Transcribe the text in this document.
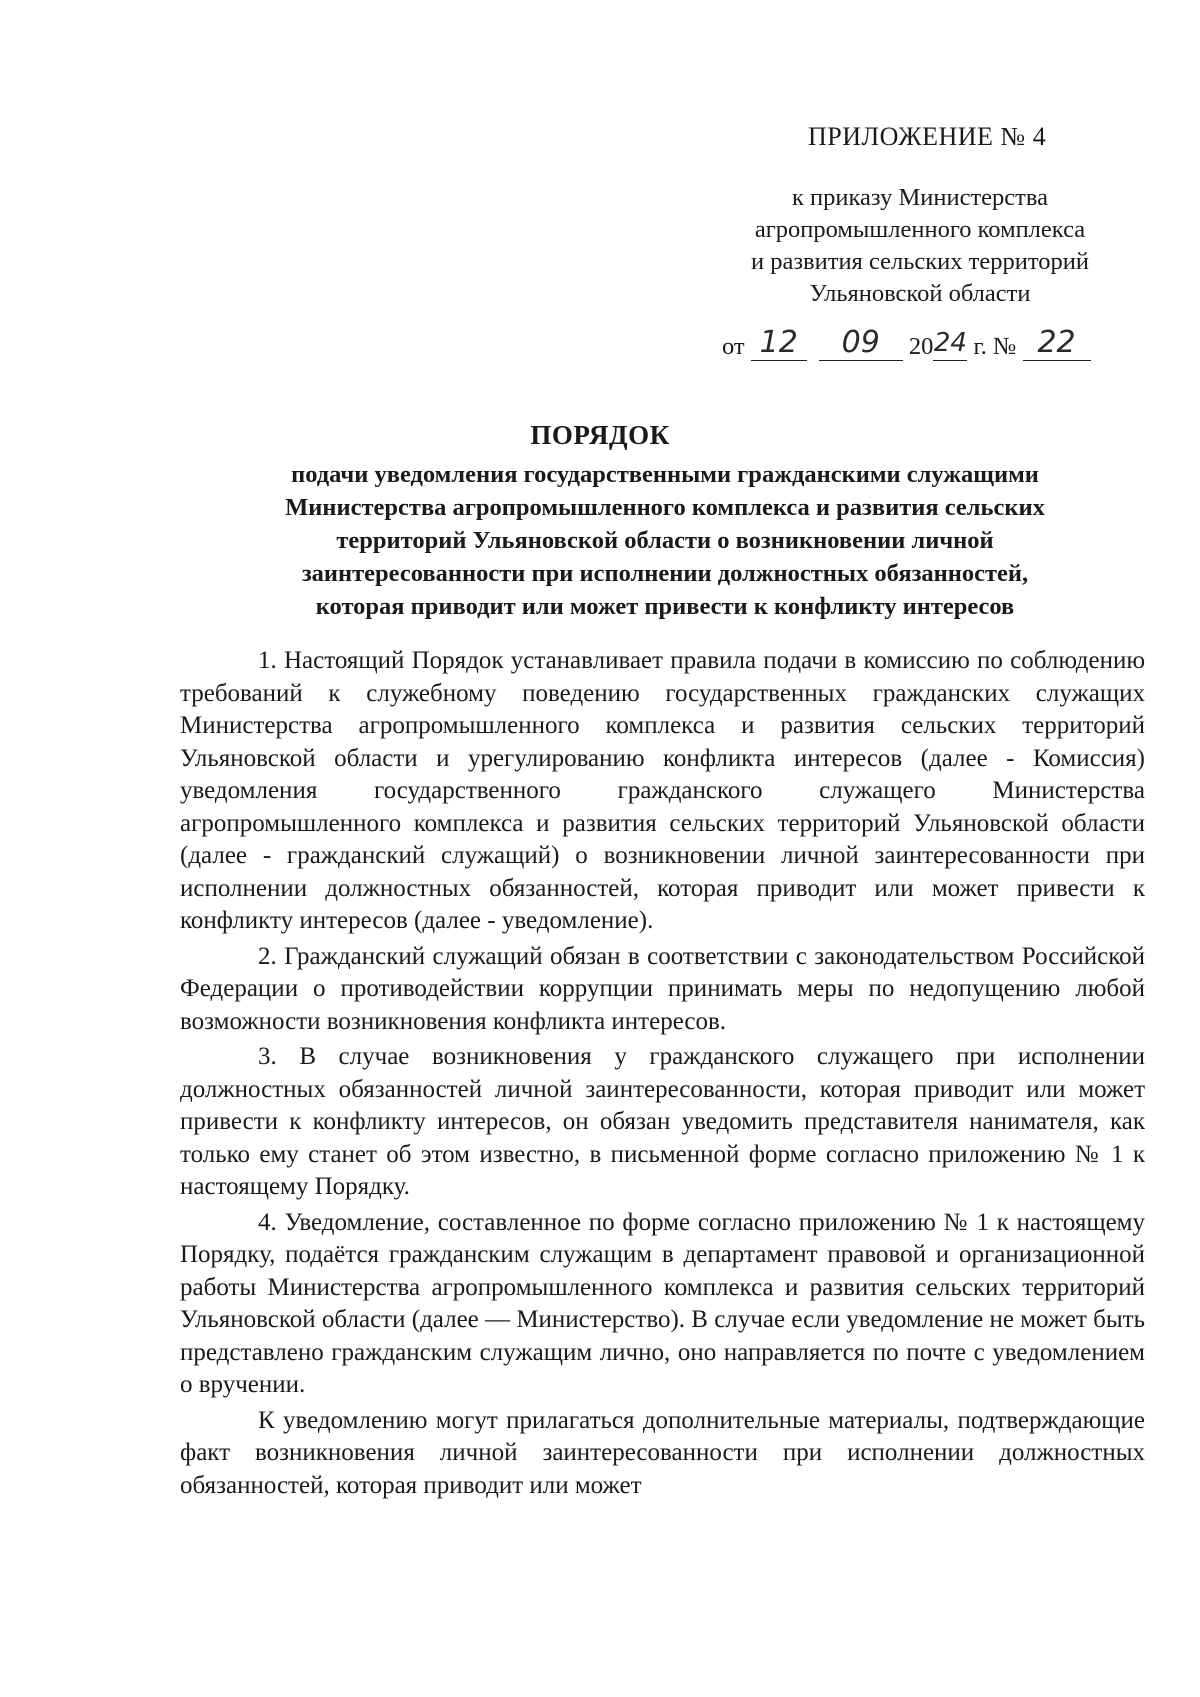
ПРИЛОЖЕНИЕ № 4
к приказу Министерства
агропромышленного комплекса
и развития сельских территорий
Ульяновской области
от 12 09 2024 г. № 22
ПОРЯДОК
подачи уведомления государственными гражданскими служащими
Министерства агропромышленного комплекса и развития сельских
территорий Ульяновской области о возникновении личной
заинтересованности при исполнении должностных обязанностей,
которая приводит или может привести к конфликту интересов

1. Настоящий Порядок устанавливает правила подачи в комиссию по соблюдению требований к служебному поведению государственных гражданских служащих Министерства агропромышленного комплекса и развития сельских территорий Ульяновской области и урегулированию конфликта интересов (далее - Комиссия) уведомления государственного гражданского служащего Министерства агропромышленного комплекса и развития сельских территорий Ульяновской области (далее - гражданский служащий) о возникновении личной заинтересованности при исполнении должностных обязанностей, которая приводит или может привести к конфликту интересов (далее - уведомление).

2. Гражданский служащий обязан в соответствии с законодательством Российской Федерации о противодействии коррупции принимать меры по недопущению любой возможности возникновения конфликта интересов.

3. В случае возникновения у гражданского служащего при исполнении должностных обязанностей личной заинтересованности, которая приводит или может привести к конфликту интересов, он обязан уведомить представителя нанимателя, как только ему станет об этом известно, в письменной форме согласно приложению № 1 к настоящему Порядку.

4. Уведомление, составленное по форме согласно приложению № 1 к настоящему Порядку, подаётся гражданским служащим в департамент правовой и организационной работы Министерства агропромышленного комплекса и развития сельских территорий Ульяновской области (далее — Министерство). В случае если уведомление не может быть представлено гражданским служащим лично, оно направляется по почте с уведомлением о вручении.

К уведомлению могут прилагаться дополнительные материалы, подтверждающие факт возникновения личной заинтересованности при исполнении должностных обязанностей, которая приводит или может
